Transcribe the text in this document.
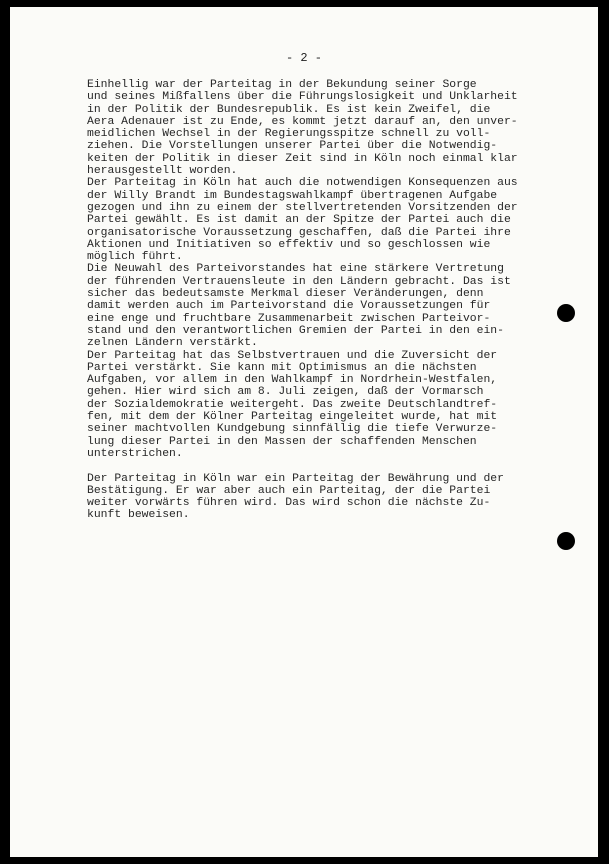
- 2 -
Einhellig war der Parteitag in der Bekundung seiner Sorge
und seines Mißfallens über die Führungslosigkeit und Unklarheit
in der Politik der Bundesrepublik. Es ist kein Zweifel, die
Aera Adenauer ist zu Ende, es kommt jetzt darauf an, den unver-
meidlichen Wechsel in der Regierungsspitze schnell zu voll-
ziehen. Die Vorstellungen unserer Partei über die Notwendig-
keiten der Politik in dieser Zeit sind in Köln noch einmal klar
herausgestellt worden.
Der Parteitag in Köln hat auch die notwendigen Konsequenzen aus
der Willy Brandt im Bundestagswahlkampf übertragenen Aufgabe
gezogen und ihn zu einem der stellvertretenden Vorsitzenden der
Partei gewählt. Es ist damit an der Spitze der Partei auch die
organisatorische Voraussetzung geschaffen, daß die Partei ihre
Aktionen und Initiativen so effektiv und so geschlossen wie
möglich führt.
Die Neuwahl des Parteivorstandes hat eine stärkere Vertretung
der führenden Vertrauensleute in den Ländern gebracht. Das ist
sicher das bedeutsamste Merkmal dieser Veränderungen, denn
damit werden auch im Parteivorstand die Voraussetzungen für
eine enge und fruchtbare Zusammenarbeit zwischen Parteivor-
stand und den verantwortlichen Gremien der Partei in den ein-
zelnen Ländern verstärkt.
Der Parteitag hat das Selbstvertrauen und die Zuversicht der
Partei verstärkt. Sie kann mit Optimismus an die nächsten
Aufgaben, vor allem in den Wahlkampf in Nordrhein-Westfalen,
gehen. Hier wird sich am 8. Juli zeigen, daß der Vormarsch
der Sozialdemokratie weitergeht. Das zweite Deutschlandtref-
fen, mit dem der Kölner Parteitag eingeleitet wurde, hat mit
seiner machtvollen Kundgebung sinnfällig die tiefe Verwurze-
lung dieser Partei in den Massen der schaffenden Menschen
unterstrichen.
Der Parteitag in Köln war ein Parteitag der Bewährung und der
Bestätigung. Er war aber auch ein Parteitag, der die Partei
weiter vorwärts führen wird. Das wird schon die nächste Zu-
kunft beweisen.
